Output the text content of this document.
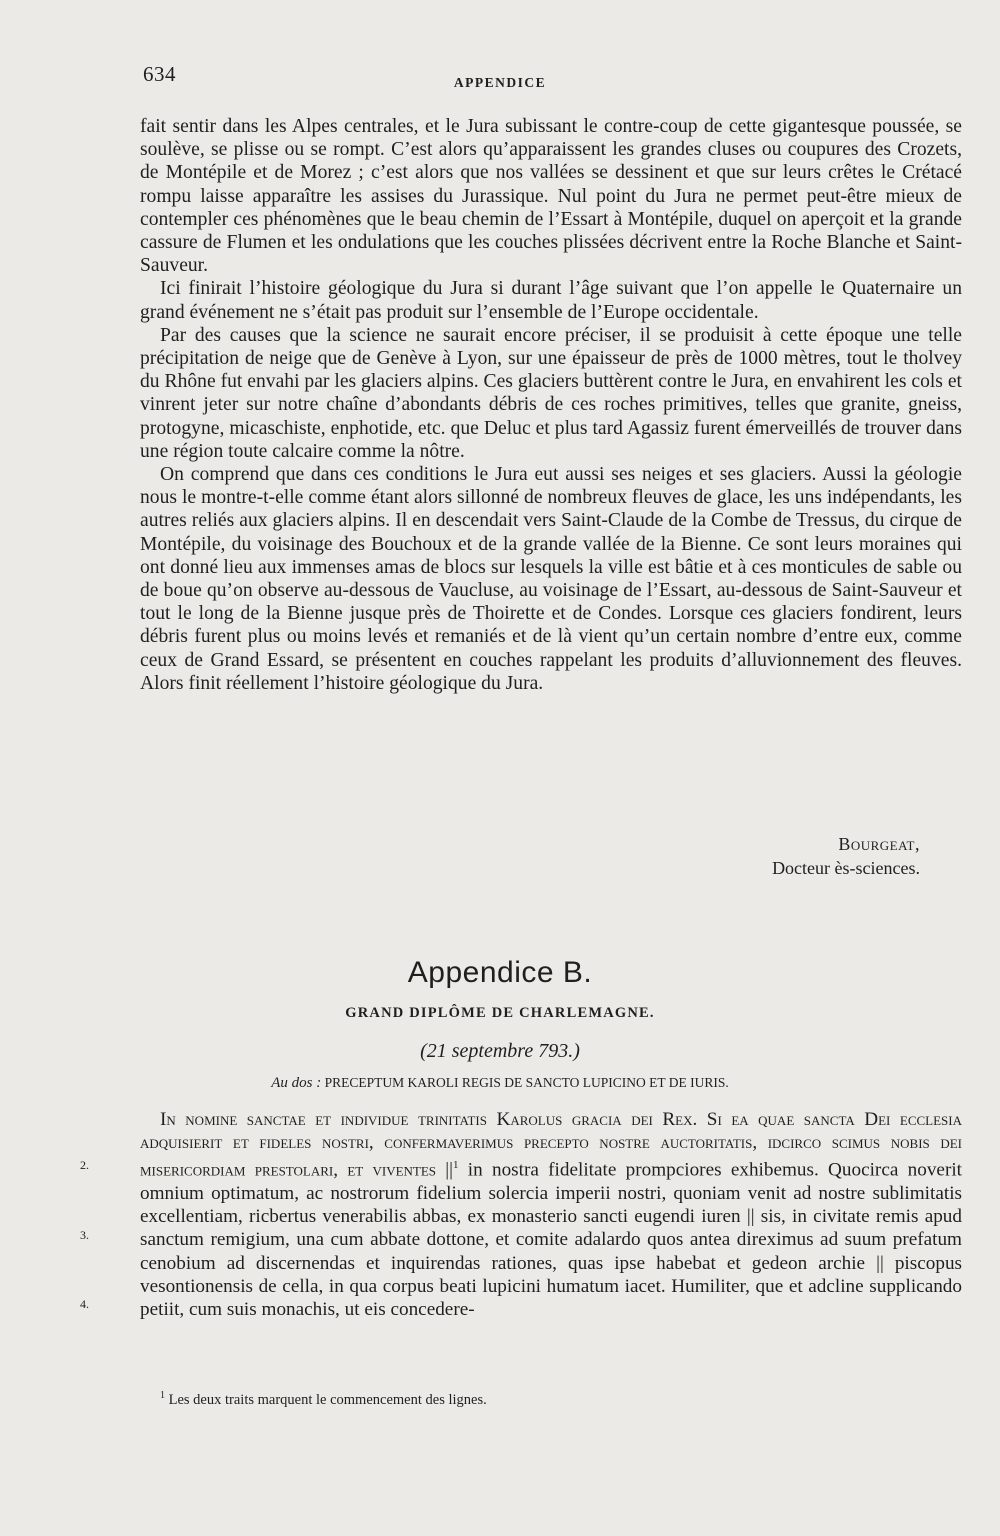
634	APPENDICE

fait sentir dans les Alpes centrales, et le Jura subissant le contre-coup de cette gigantesque poussée, se soulève, se plisse ou se rompt. C’est alors qu’apparaissent les grandes cluses ou coupures des Crozets, de Montépile et de Morez ; c’est alors que nos vallées se dessinent et que sur leurs crêtes le Crétacé rompu laisse apparaître les assises du Jurassique. Nul point du Jura ne permet peut-être mieux de contempler ces phénomènes que le beau chemin de l’Essart à Montépile, duquel on aperçoit et la grande cassure de Flumen et les ondulations que les couches plissées décrivent entre la Roche Blanche et Saint-Sauveur.

Ici finirait l’histoire géologique du Jura si durant l’âge suivant que l’on appelle le Quaternaire un grand événement ne s’était pas produit sur l’ensemble de l’Europe occidentale.

Par des causes que la science ne saurait encore préciser, il se produisit à cette époque une telle précipitation de neige que de Genève à Lyon, sur une épaisseur de près de 1000 mètres, tout le tholvey du Rhône fut envahi par les glaciers alpins. Ces glaciers buttèrent contre le Jura, en envahirent les cols et vinrent jeter sur notre chaîne d’abondants débris de ces roches primitives, telles que granite, gneiss, protogyne, micaschiste, enphotide, etc. que Deluc et plus tard Agassiz furent émerveillés de trouver dans une région toute calcaire comme la nôtre.

On comprend que dans ces conditions le Jura eut aussi ses neiges et ses glaciers. Aussi la géologie nous le montre-t-elle comme étant alors sillonné de nombreux fleuves de glace, les uns indépendants, les autres reliés aux glaciers alpins. Il en descendait vers Saint-Claude de la Combe de Tressus, du cirque de Montépile, du voisinage des Bouchoux et de la grande vallée de la Bienne. Ce sont leurs moraines qui ont donné lieu aux immenses amas de blocs sur lesquels la ville est bâtie et à ces monticules de sable ou de boue qu’on observe au-dessous de Vaucluse, au voisinage de l’Essart, au-dessous de Saint-Sauveur et tout le long de la Bienne jusque près de Thoirette et de Condes. Lorsque ces glaciers fondirent, leurs débris furent plus ou moins levés et remaniés et de là vient qu’un certain nombre d’entre eux, comme ceux de Grand Essard, se présentent en couches rappelant les produits d’alluvionnement des fleuves. Alors finit réellement l’histoire géologique du Jura.

Bourgeat,
Docteur ès-sciences.
Appendice B.
GRAND DIPLÔME DE CHARLEMAGNE.
(21 septembre 793.)
Au dos : PRECEPTUM KAROLI REGIS DE SANCTO LUPICINO ET DE IURIS.
In nomine sanctae et individue trinitatis Karolus gracia dei Rex. Si ea quae sancta Dei ecclesia adquisierit et fideles nostri, confermaverimus precepto nostre auctoritatis, idcirco scimus nobis dei misericordiam prestolari, et viventes $||^1$ in nostra fidelitate prompciores exhibemus. Quocirca noverit omnium optimatum, ac nostrorum fidelium solercia imperii nostri, quoniam venit ad nostre sublimitatis excellentiam, ricbertus venerabilis abbas, ex monasterio sancti eugendi iuren || sis, in civitate remis apud sanctum remigium, una cum abbate dottone, et comite adalardo quos antea direximus ad suum prefatum cenobium ad discernendas et inquirendas rationes, quas ipse habebat et gedeon archie || piscopus vesontionensis de cella, in qua corpus beati lupicini humatum iacet. Humiliter, que et adcline supplicando petiit, cum suis monachis, ut eis concedere-
2.
3.
4.
$^1$ Les deux traits marquent le commencement des lignes.
